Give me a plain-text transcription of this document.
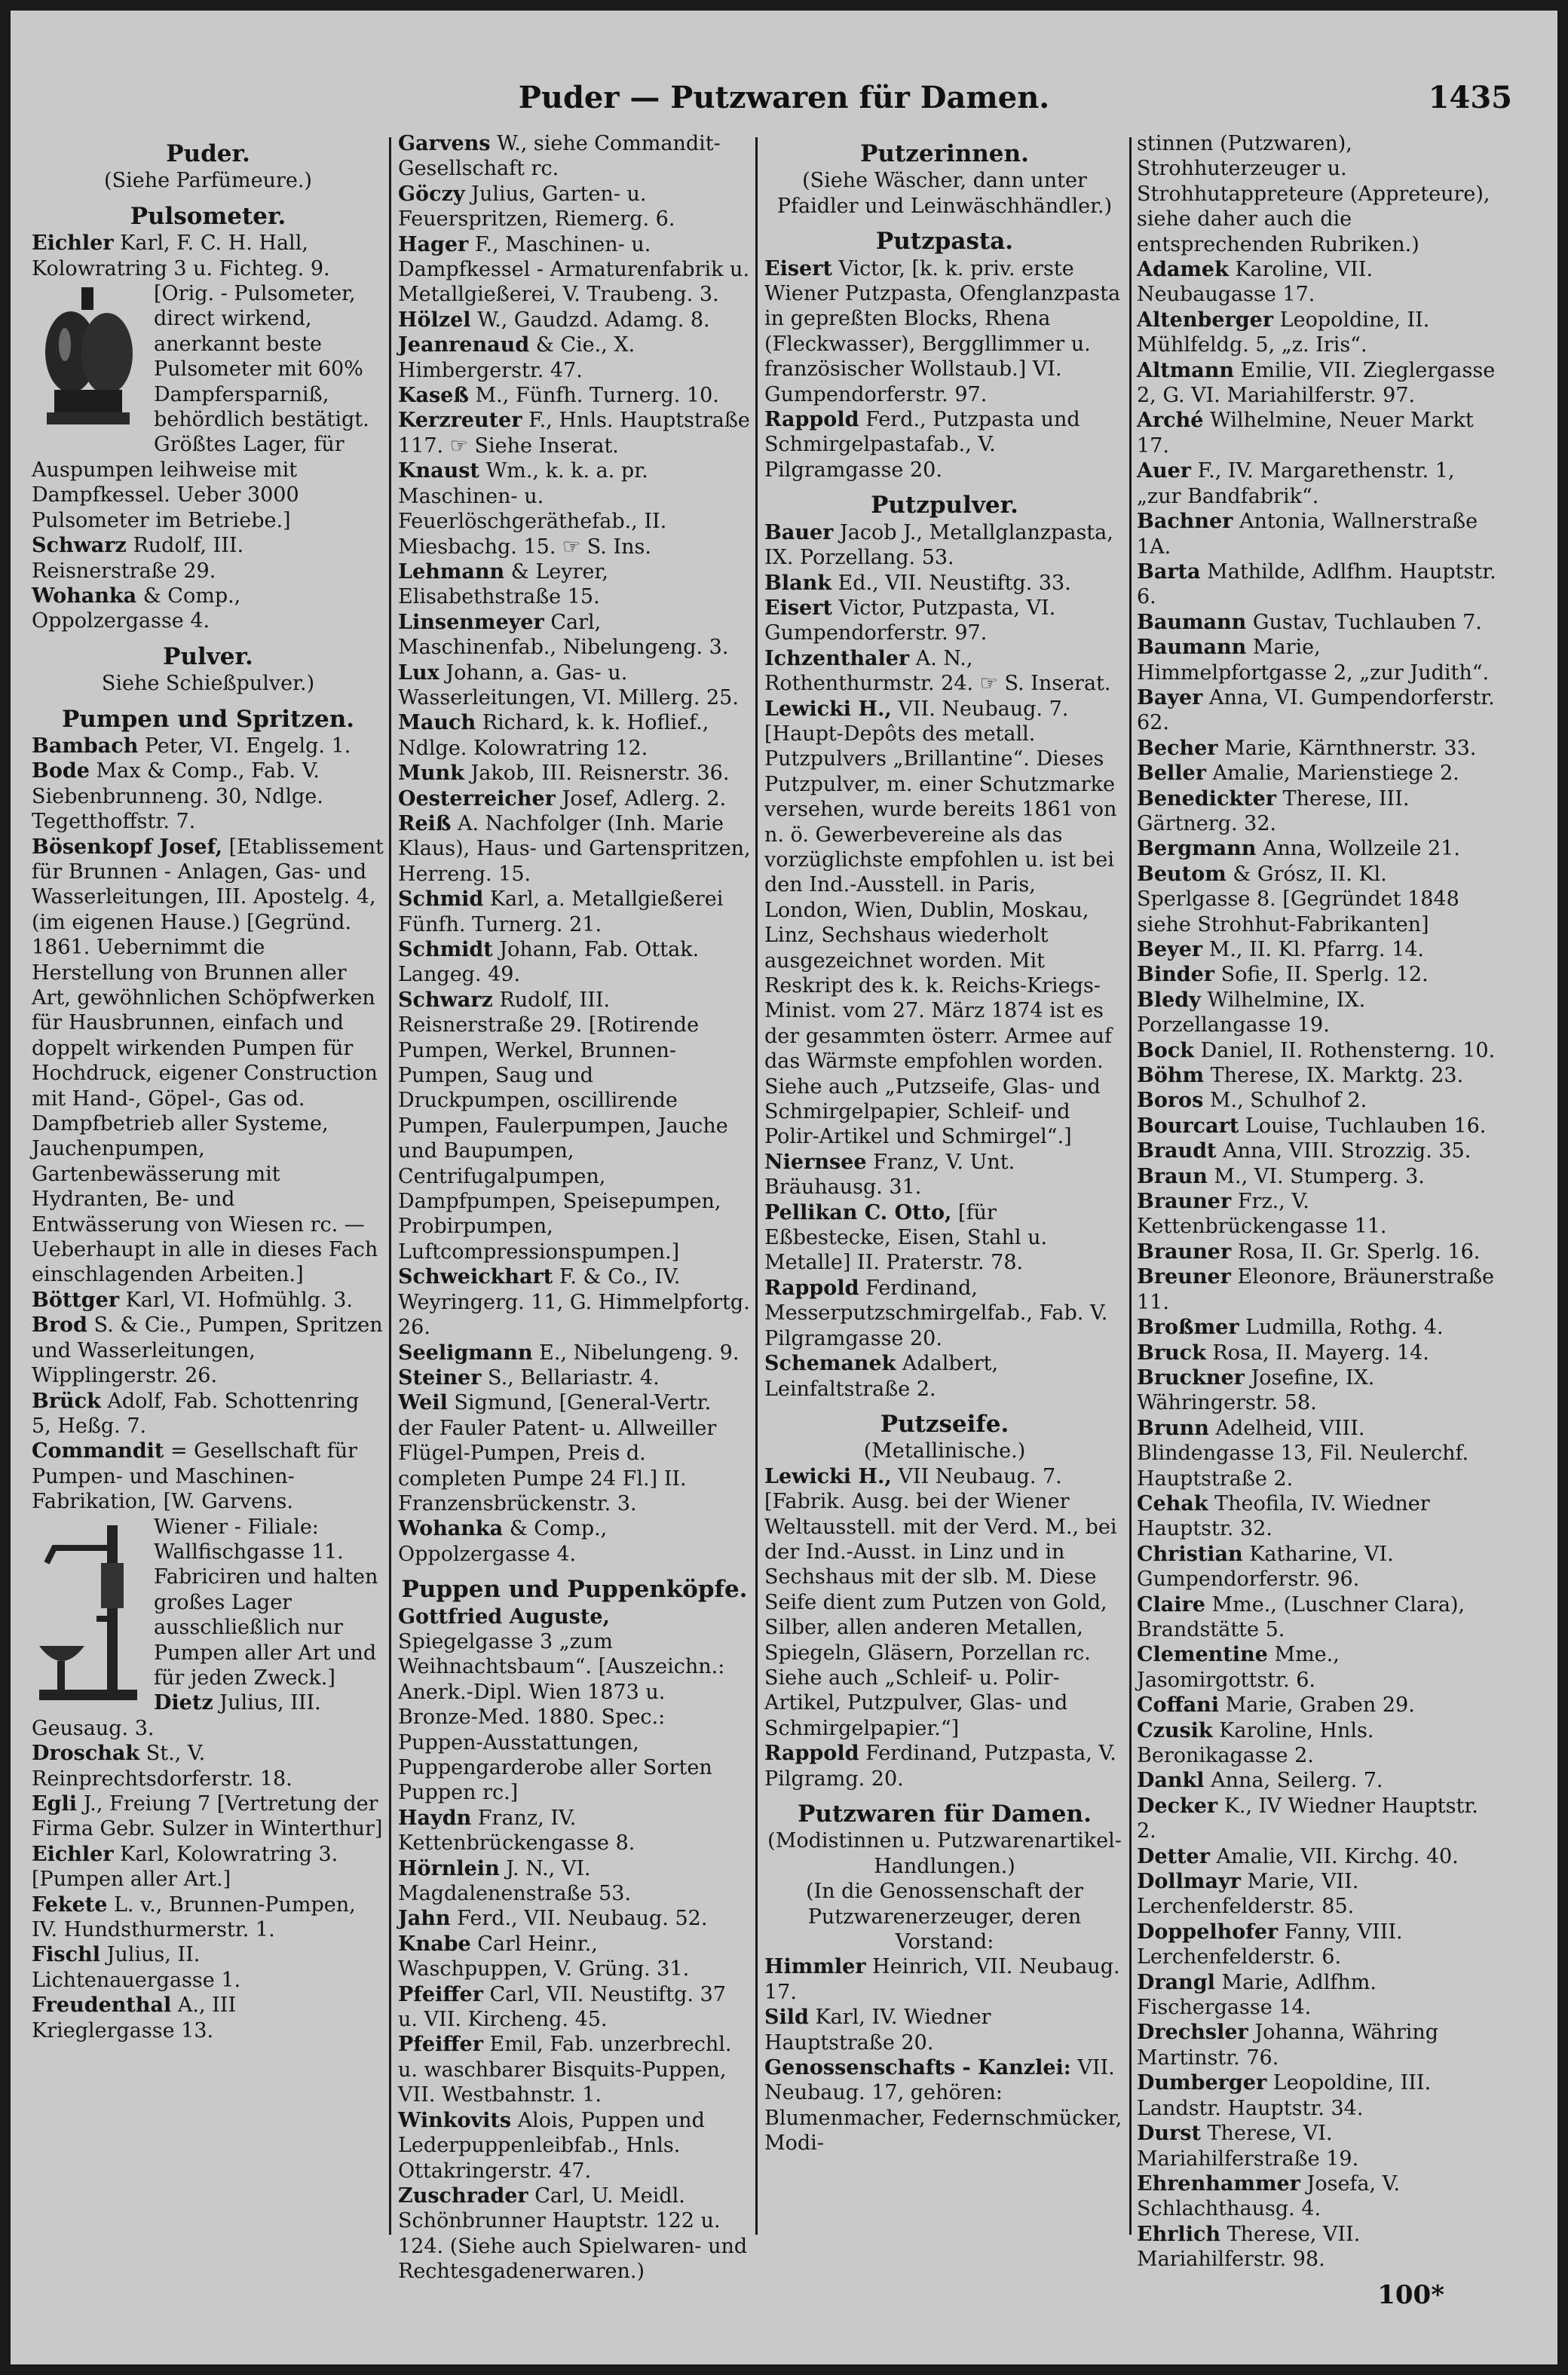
Puder — Putzwaren für Damen.	1435
Puder.
(Siehe Parfümeure.)
Pulsometer.
Eichler Karl, F. C. H. Hall, Kolowratring 3 u. Fichteg. 9.
[Orig. - Pulsometer, direct wirkend, anerkannt beste Pulsometer mit 60% Dampfersparniß, behördlich bestätigt. Größtes Lager, für Auspumpen leihweise mit Dampfkessel. Ueber 3000 Pulsometer im Betriebe.]
Schwarz Rudolf, III. Reisnerstraße 29.
Wohanka & Comp., Oppolzergasse 4.
Pulver.
Siehe Schießpulver.)
Pumpen und Spritzen.
Bambach Peter, VI. Engelg. 1.
Bode Max & Comp., Fab. V. Siebenbrunneng. 30, Ndlge. Tegetthoffstr. 7.
Bösenkopf Josef, [Etablissement für Brunnen - Anlagen, Gas- und Wasserleitungen, III. Apostelg. 4, (im eigenen Hause.) [Gegründ. 1861. Uebernimmt die Herstellung von Brunnen aller Art, gewöhnlichen Schöpfwerken für Hausbrunnen, einfach und doppelt wirkenden Pumpen für Hochdruck, eigener Construction mit Hand-, Göpel-, Gas od. Dampfbetrieb aller Systeme, Jauchenpumpen, Gartenbewässerung mit Hydranten, Be- und Entwässerung von Wiesen rc. — Ueberhaupt in alle in dieses Fach einschlagenden Arbeiten.]
Böttger Karl, VI. Hofmühlg. 3.
Brod S. & Cie., Pumpen, Spritzen und Wasserleitungen, Wipplingerstr. 26.
Brück Adolf, Fab. Schottenring 5, Heßg. 7.
Commandit = Gesellschaft für Pumpen- und Maschinen-Fabrikation, [W. Garvens.
Wiener - Filiale: Wallfischgasse 11. Fabriciren und halten großes Lager ausschließlich nur Pumpen aller Art und für jeden Zweck.]
Dietz Julius, III. Geusaug. 3.
Droschak St., V. Reinprechtsdorferstr. 18.
Egli J., Freiung 7 [Vertretung der Firma Gebr. Sulzer in Winterthur]
Eichler Karl, Kolowratring 3. [Pumpen aller Art.]
Fekete L. v., Brunnen-Pumpen, IV. Hundsthurmerstr. 1.
Fischl Julius, II. Lichtenauergasse 1.
Freudenthal A., III Krieglergasse 13.
Garvens W., siehe Commandit-Gesellschaft rc.
Göczy Julius, Garten- u. Feuerspritzen, Riemerg. 6.
Hager F., Maschinen- u. Dampfkessel - Armaturenfabrik u. Metallgießerei, V. Traubeng. 3.
Hölzel W., Gaudzd. Adamg. 8.
Jeanrenaud & Cie., X. Himbergerstr. 47.
Kaseß M., Fünfh. Turnerg. 10.
Kerzreuter F., Hnls. Hauptstraße 117. ☞ Siehe Inserat.
Knaust Wm., k. k. a. pr. Maschinen- u. Feuerlöschgeräthefab., II. Miesbachg. 15. ☞ S. Ins.
Lehmann & Leyrer, Elisabethstraße 15.
Linsenmeyer Carl, Maschinenfab., Nibelungeng. 3.
Lux Johann, a. Gas- u. Wasserleitungen, VI. Millerg. 25.
Mauch Richard, k. k. Hoflief., Ndlge. Kolowratring 12.
Munk Jakob, III. Reisnerstr. 36.
Oesterreicher Josef, Adlerg. 2.
Reiß A. Nachfolger (Inh. Marie Klaus), Haus- und Gartenspritzen, Herreng. 15.
Schmid Karl, a. Metallgießerei Fünfh. Turnerg. 21.
Schmidt Johann, Fab. Ottak. Langeg. 49.
Schwarz Rudolf, III. Reisnerstraße 29. [Rotirende Pumpen, Werkel, Brunnen-Pumpen, Saug und Druckpumpen, oscillirende Pumpen, Faulerpumpen, Jauche und Baupumpen, Centrifugalpumpen, Dampfpumpen, Speisepumpen, Probirpumpen, Luftcompressionspumpen.]
Schweickhart F. & Co., IV. Weyringerg. 11, G. Himmelpfortg. 26.
Seeligmann E., Nibelungeng. 9.
Steiner S., Bellariastr. 4.
Weil Sigmund, [General-Vertr. der Fauler Patent- u. Allweiller Flügel-Pumpen, Preis d. completen Pumpe 24 Fl.] II. Franzensbrückenstr. 3.
Wohanka & Comp., Oppolzergasse 4.
Puppen und Puppenköpfe.
Gottfried Auguste, Spiegelgasse 3 „zum Weihnachtsbaum“. [Auszeichn.: Anerk.-Dipl. Wien 1873 u. Bronze-Med. 1880. Spec.: Puppen-Ausstattungen, Puppengarderobe aller Sorten Puppen rc.]
Haydn Franz, IV. Kettenbrückengasse 8.
Hörnlein J. N., VI. Magdalenenstraße 53.
Jahn Ferd., VII. Neubaug. 52.
Knabe Carl Heinr., Waschpuppen, V. Grüng. 31.
Pfeiffer Carl, VII. Neustiftg. 37 u. VII. Kircheng. 45.
Pfeiffer Emil, Fab. unzerbrechl. u. waschbarer Bisquits-Puppen, VII. Westbahnstr. 1.
Winkovits Alois, Puppen und Lederpuppenleibfab., Hnls. Ottakringerstr. 47.
Zuschrader Carl, U. Meidl. Schönbrunner Hauptstr. 122 u. 124. (Siehe auch Spielwaren- und Rechtesgadenerwaren.)
Putzerinnen.
(Siehe Wäscher, dann unter Pfaidler und Leinwäschhändler.)
Putzpasta.
Eisert Victor, [k. k. priv. erste Wiener Putzpasta, Ofenglanzpasta in gepreßten Blocks, Rhena (Fleckwasser), Berggllimmer u. französischer Wollstaub.] VI. Gumpendorferstr. 97.
Rappold Ferd., Putzpasta und Schmirgelpastafab., V. Pilgramgasse 20.
Putzpulver.
Bauer Jacob J., Metallglanzpasta, IX. Porzellang. 53.
Blank Ed., VII. Neustiftg. 33.
Eisert Victor, Putzpasta, VI. Gumpendorferstr. 97.
Ichzenthaler A. N., Rothenthurmstr. 24. ☞ S. Inserat.
Lewicki H., VII. Neubaug. 7. [Haupt-Depôts des metall. Putzpulvers „Brillantine“. Dieses Putzpulver, m. einer Schutzmarke versehen, wurde bereits 1861 von n. ö. Gewerbevereine als das vorzüglichste empfohlen u. ist bei den Ind.-Ausstell. in Paris, London, Wien, Dublin, Moskau, Linz, Sechshaus wiederholt ausgezeichnet worden. Mit Reskript des k. k. Reichs-Kriegs-Minist. vom 27. März 1874 ist es der gesammten österr. Armee auf das Wärmste empfohlen worden. Siehe auch „Putzseife, Glas- und Schmirgelpapier, Schleif- und Polir-Artikel und Schmirgel“.]
Niernsee Franz, V. Unt. Bräuhausg. 31.
Pellikan C. Otto, [für Eßbestecke, Eisen, Stahl u. Metalle] II. Praterstr. 78.
Rappold Ferdinand, Messerputzschmirgelfab., Fab. V. Pilgramgasse 20.
Schemanek Adalbert, Leinfaltstraße 2.
Putzseife.
(Metallinische.)
Lewicki H., VII Neubaug. 7. [Fabrik. Ausg. bei der Wiener Weltausstell. mit der Verd. M., bei der Ind.-Ausst. in Linz und in Sechshaus mit der slb. M. Diese Seife dient zum Putzen von Gold, Silber, allen anderen Metallen, Spiegeln, Gläsern, Porzellan rc. Siehe auch „Schleif- u. Polir-Artikel, Putzpulver, Glas- und Schmirgelpapier.“]
Rappold Ferdinand, Putzpasta, V. Pilgramg. 20.
Putzwaren für Damen.
(Modistinnen u. Putzwarenartikel-Handlungen.)
(In die Genossenschaft der Putzwarenerzeuger, deren Vorstand:
Himmler Heinrich, VII. Neubaug. 17.
Sild Karl, IV. Wiedner Hauptstraße 20.
Genossenschafts - Kanzlei: VII. Neubaug. 17, gehören: Blumenmacher, Federnschmücker, Modi-
stinnen (Putzwaren), Strohhuterzeuger u. Strohhutappreteure (Appreteure), siehe daher auch die entsprechenden Rubriken.)
Adamek Karoline, VII. Neubaugasse 17.
Altenberger Leopoldine, II. Mühlfeldg. 5, „z. Iris“.
Altmann Emilie, VII. Zieglergasse 2, G. VI. Mariahilferstr. 97.
Arché Wilhelmine, Neuer Markt 17.
Auer F., IV. Margarethenstr. 1, „zur Bandfabrik“.
Bachner Antonia, Wallnerstraße 1A.
Barta Mathilde, Adlfhm. Hauptstr. 6.
Baumann Gustav, Tuchlauben 7.
Baumann Marie, Himmelpfortgasse 2, „zur Judith“.
Bayer Anna, VI. Gumpendorferstr. 62.
Becher Marie, Kärnthnerstr. 33.
Beller Amalie, Marienstiege 2.
Benedickter Therese, III. Gärtnerg. 32.
Bergmann Anna, Wollzeile 21.
Beutom & Grósz, II. Kl. Sperlgasse 8. [Gegründet 1848 siehe Strohhut-Fabrikanten]
Beyer M., II. Kl. Pfarrg. 14.
Binder Sofie, II. Sperlg. 12.
Bledy Wilhelmine, IX. Porzellangasse 19.
Bock Daniel, II. Rothensterng. 10.
Böhm Therese, IX. Marktg. 23.
Boros M., Schulhof 2.
Bourcart Louise, Tuchlauben 16.
Braudt Anna, VIII. Strozzig. 35.
Braun M., VI. Stumperg. 3.
Brauner Frz., V. Kettenbrückengasse 11.
Brauner Rosa, II. Gr. Sperlg. 16.
Breuner Eleonore, Bräunerstraße 11.
Broßmer Ludmilla, Rothg. 4.
Bruck Rosa, II. Mayerg. 14.
Bruckner Josefine, IX. Währingerstr. 58.
Brunn Adelheid, VIII. Blindengasse 13, Fil. Neulerchf. Hauptstraße 2.
Cehak Theofila, IV. Wiedner Hauptstr. 32.
Christian Katharine, VI. Gumpendorferstr. 96.
Claire Mme., (Luschner Clara), Brandstätte 5.
Clementine Mme., Jasomirgottstr. 6.
Coffani Marie, Graben 29.
Czusik Karoline, Hnls. Beronikagasse 2.
Dankl Anna, Seilerg. 7.
Decker K., IV Wiedner Hauptstr. 2.
Detter Amalie, VII. Kirchg. 40.
Dollmayr Marie, VII. Lerchenfelderstr. 85.
Doppelhofer Fanny, VIII. Lerchenfelderstr. 6.
Drangl Marie, Adlfhm. Fischergasse 14.
Drechsler Johanna, Währing Martinstr. 76.
Dumberger Leopoldine, III. Landstr. Hauptstr. 34.
Durst Therese, VI. Mariahilferstraße 19.
Ehrenhammer Josefa, V. Schlachthausg. 4.
Ehrlich Therese, VII. Mariahilferstr. 98.
100*
